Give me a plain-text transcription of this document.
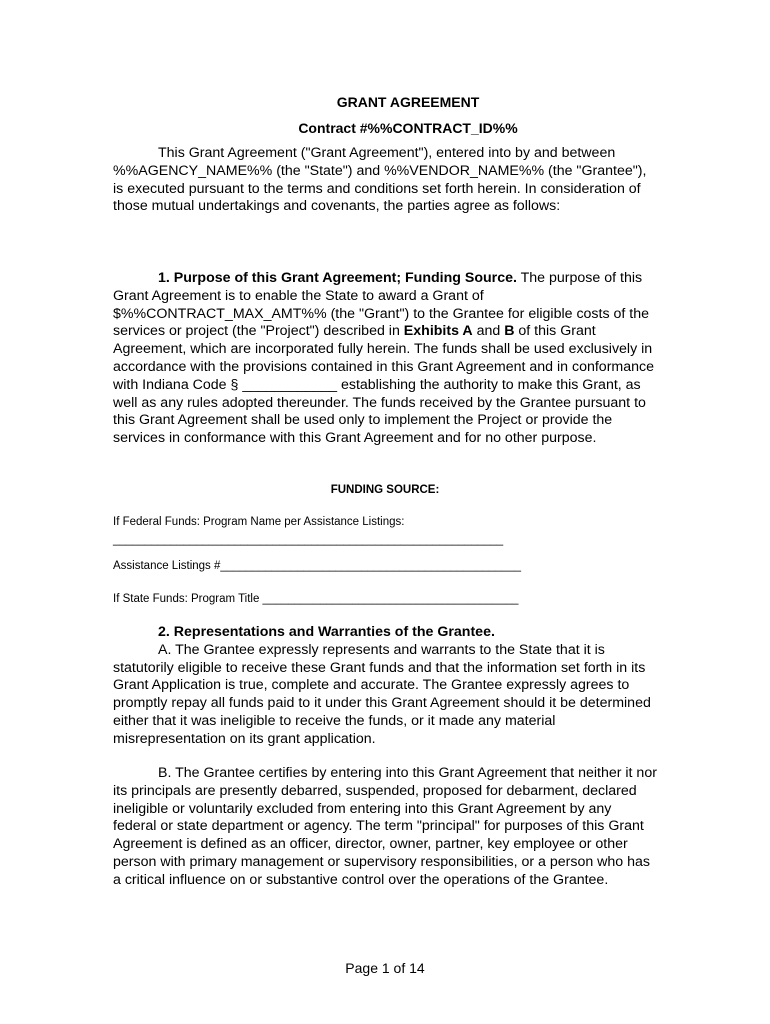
GRANT AGREEMENT
Contract #%%CONTRACT_ID%%

This Grant Agreement ("Grant Agreement"), entered into by and between %%AGENCY_NAME%% (the "State") and %%VENDOR_NAME%% (the "Grantee"), is executed pursuant to the terms and conditions set forth herein. In consideration of those mutual undertakings and covenants, the parties agree as follows:

1. Purpose of this Grant Agreement; Funding Source. The purpose of this Grant Agreement is to enable the State to award a Grant of $%%CONTRACT_MAX_AMT%% (the "Grant") to the Grantee for eligible costs of the services or project (the "Project") described in Exhibits A and B of this Grant Agreement, which are incorporated fully herein. The funds shall be used exclusively in accordance with the provisions contained in this Grant Agreement and in conformance with Indiana Code § ____________ establishing the authority to make this Grant, as well as any rules adopted thereunder. The funds received by the Grantee pursuant to this Grant Agreement shall be used only to implement the Project or provide the services in conformance with this Grant Agreement and for no other purpose.

FUNDING SOURCE:
If Federal Funds: Program Name per Assistance Listings:
_____________________________________________________________
Assistance Listings #_______________________________________________
If State Funds: Program Title ________________________________________

2. Representations and Warranties of the Grantee.

A. The Grantee expressly represents and warrants to the State that it is statutorily eligible to receive these Grant funds and that the information set forth in its Grant Application is true, complete and accurate. The Grantee expressly agrees to promptly repay all funds paid to it under this Grant Agreement should it be determined either that it was ineligible to receive the funds, or it made any material misrepresentation on its grant application.

B. The Grantee certifies by entering into this Grant Agreement that neither it nor its principals are presently debarred, suspended, proposed for debarment, declared ineligible or voluntarily excluded from entering into this Grant Agreement by any federal or state department or agency. The term "principal" for purposes of this Grant Agreement is defined as an officer, director, owner, partner, key employee or other person with primary management or supervisory responsibilities, or a person who has a critical influence on or substantive control over the operations of the Grantee.

Page 1 of 14
